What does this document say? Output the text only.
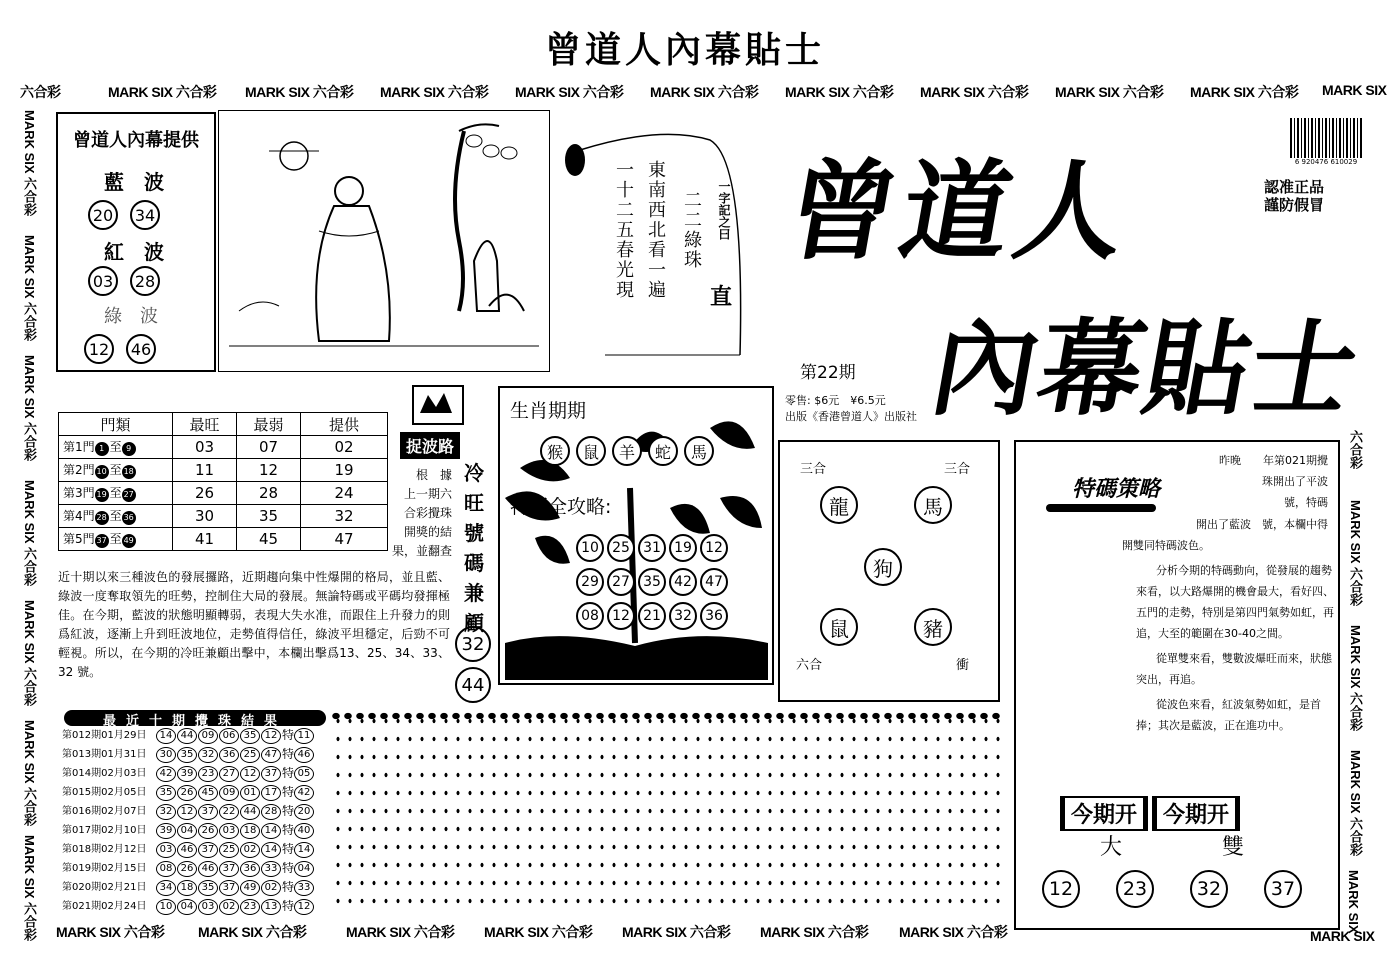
曾道人內幕貼士
六合彩	MARK SIX 六合彩 MARK SIX 六合彩 MARK SIX 六合彩 MARK SIX 六合彩 MARK SIX 六合彩 MARK SIX 六合彩 MARK SIX 六合彩 MARK SIX 六合彩 MARK SIX 六合彩 MARK SIX
MARK SIX 六合彩
MARK SIX 六合彩
MARK SIX 六合彩
MARK SIX 六合彩
MARK SIX 六合彩
MARK SIX 六合彩
MARK SIX 六合彩
六合彩
MARK SIX 六合彩
MARK SIX 六合彩
MARK SIX 六合彩
MARK SIX
曾道人內幕提供
藍　波
20	34
紅　波
03	28
綠　波
12	46
一字記之曰
直
二二綠珠
東南西北看一遍
一十二五春光現 曾道人
內幕貼士
6 920476 610029
認准正品
謹防假冒
第22期
零售: $6元　¥6.5元
出版《香港曾道人》出版社
門類	最旺	最弱	提供
第1門 1 至 9	03	07	02
第2門 10 至 18	11	12	19
第3門 19 至 27	26	28	24
第4門 28 至 36	30	35	32
第5門 37 至 49	41	45	47
捉波路
根　據
上一期六
合彩攪珠
開獎的結
果，並翻查
冷
旺
號
碼
兼
顧
32
44
近十期以來三種波色的發展攞路，近期趨向集中性爆開的格局，並且藍、綠波一度奪取領先的旺勢，控制住大局的發展。無論特碼或平碼均發揮極佳。在今期，藍波的狀態明顯轉弱，表現大失水准，而跟住上升發力的則爲紅波，逐漸上升到旺波地位，走勢值得信任，綠波平坦穩定，后勁不可輕視。所以，在今期的冷旺兼顧出擊中，本欄出擊爲13、25、34、33、32 號。
生肖期期
猴	鼠	羊	蛇	馬
特碼全攻略:
10 25 31 19 12
29 27 35 42 47
08 12 21 32 36
三合	三合
龍	馬
狗
鼠	豬
六合	衝
特碼策略
昨晚　　年第021期攪
珠開出了平波
號，特碼
開出了藍波　號，本欄中得
開雙同特碼波色。
分析今期的特碼動向，從發展的趨勢來看，以大路爆開的機會最大，看好四、五門的走勢，特別是第四門氣勢如虹，再追，大至的範圍在30-40之間。
從單雙來看，雙數波爆旺而來，狀態突出，再追。
從波色來看，紅波氣勢如虹，是首捧；其次是藍波，正在進功中。
今期开	今期开
大	雙
12	23	32	37
最近十期攪珠結果
第012期01月29日	14 44 09 06 35 12 特 11
第013期01月31日	30 35 32 36 25 47 特 46
第014期02月03日	42 39 23 27 12 37 特 05
第015期02月05日	35 26 45 09 01 17 特 42
第016期02月07日	32 12 37 22 44 28 特 20
第017期02月10日	39 04 26 03 18 14 特 40
第018期02月12日	03 46 37 25 02 14 特 14
第019期02月15日	08 26 46 37 36 33 特 04
第020期02月21日	34 18 35 37 49 02 特 33
第021期02月24日	10 04 03 02 23 13 特 12
MARK SIX 六合彩 MARK SIX 六合彩	MARK SIX 六合彩 MARK SIX 六合彩 MARK SIX 六合彩 MARK SIX 六合彩 MARK SIX 六合彩	MARK SIX
